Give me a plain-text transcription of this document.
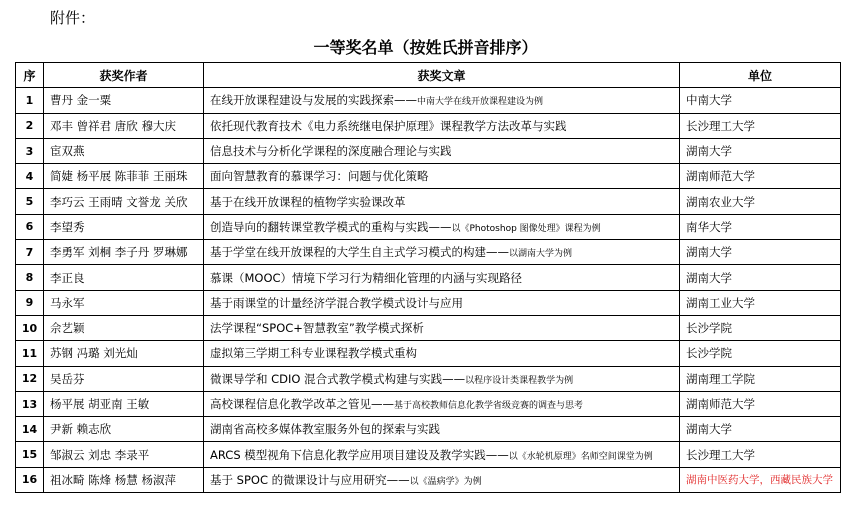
附件：
一等奖名单（按姓氏拼音排序）
序	获奖作者	获奖文章	单位
1	曹丹 金一粟	在线开放课程建设与发展的实践探索——中南大学在线开放课程建设为例	中南大学
2	邓丰 曾祥君 唐欣 穆大庆	依托现代教育技术《电力系统继电保护原理》课程教学方法改革与实践	长沙理工大学
3	宦双燕	信息技术与分析化学课程的深度融合理论与实践	湖南大学
4	简婕 杨平展 陈菲菲 王丽珠	面向智慧教育的慕课学习：问题与优化策略	湖南师范大学
5	李巧云 王雨晴 文誉龙 关欣	基于在线开放课程的植物学实验课改革	湖南农业大学
6	李望秀	创造导向的翻转课堂教学模式的重构与实践——以《Photoshop 图像处理》课程为例	南华大学
7	李勇军 刘桐 李子丹 罗琳娜	基于学堂在线开放课程的大学生自主式学习模式的构建——以湖南大学为例	湖南大学
8	李正良	慕课（MOOC）情境下学习行为精细化管理的内涵与实现路径	湖南大学
9	马永军	基于雨课堂的计量经济学混合教学模式设计与应用	湖南工业大学
10	佘艺颖	法学课程“SPOC+智慧教室”教学模式探析	长沙学院
11	苏钢 冯璐 刘光灿	虚拟第三学期工科专业课程教学模式重构	长沙学院
12	吴岳芬	微课导学和 CDIO 混合式教学模式构建与实践——以程序设计类课程教学为例	湖南理工学院
13	杨平展 胡亚南 王敏	高校课程信息化教学改革之管见——基于高校教师信息化教学省级竞赛的调查与思考	湖南师范大学
14	尹新 赖志欣	湖南省高校多媒体教室服务外包的探索与实践	湖南大学
15	邹淑云 刘忠 李录平	ARCS 模型视角下信息化教学应用项目建设及教学实践——以《水轮机原理》名师空间课堂为例	长沙理工大学
16	祖冰畸 陈烽 杨慧 杨淑萍	基于 SPOC 的微课设计与应用研究——以《温病学》为例	湖南中医药大学，西藏民族大学
